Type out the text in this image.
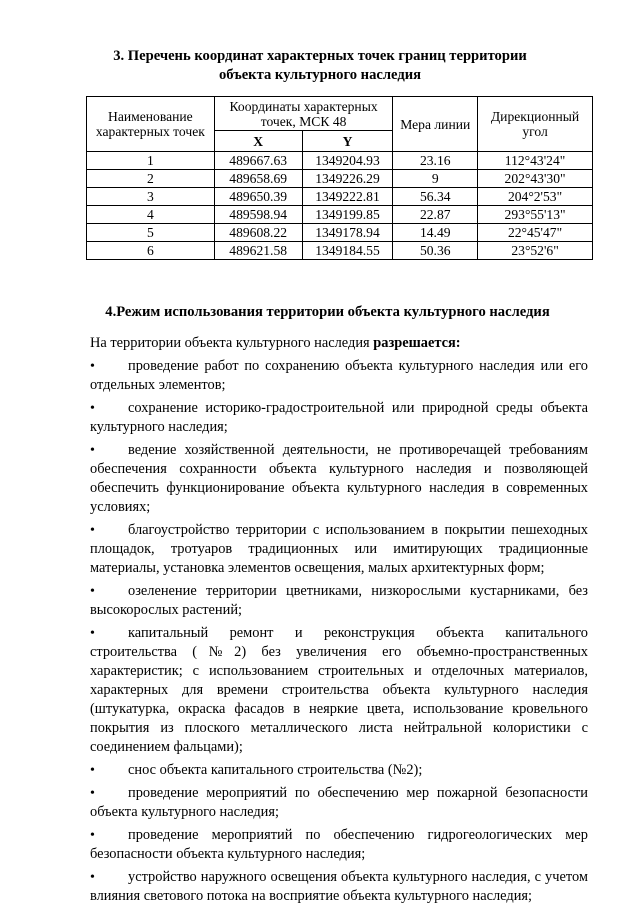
3. Перечень координат характерных точек границ территории
объекта культурного наследия
Наименование характерных точек	Координаты характерных точек, МСК 48		Мера линии	Дирекционный угол
	X	Y		
1	489667.63	1349204.93	23.16	112°43'24"
2	489658.69	1349226.29	9	202°43'30"
3	489650.39	1349222.81	56.34	204°2'53"
4	489598.94	1349199.85	22.87	293°55'13"
5	489608.22	1349178.94	14.49	22°45'47"
6	489621.58	1349184.55	50.36	23°52'6"
4.Режим использования территории объекта культурного наследия

На территории объекта культурного наследия разрешается:

• проведение работ по сохранению объекта культурного наследия или его отдельных элементов;

• сохранение историко-градостроительной или природной среды объекта культурного наследия;

• ведение хозяйственной деятельности, не противоречащей требованиям обеспечения сохранности объекта культурного наследия и позволяющей обеспечить функционирование объекта культурного наследия в современных условиях;

• благоустройство территории с использованием в покрытии пешеходных площадок, тротуаров традиционных или имитирующих традиционные материалы, установка элементов освещения, малых архитектурных форм;

• озеленение территории цветниками, низкорослыми кустарниками, без высокорослых растений;

• капитальный ремонт и реконструкция объекта капитального строительства (№2) без увеличения его объемно-пространственных характеристик; с использованием строительных и отделочных материалов, характерных для времени строительства объекта культурного наследия (штукатурка, окраска фасадов в неяркие цвета, использование кровельного покрытия из плоского металлического листа нейтральной колористики с соединением фальцами);

• снос объекта капитального строительства (№2);

• проведение мероприятий по обеспечению мер пожарной безопасности объекта культурного наследия;

• проведение мероприятий по обеспечению гидрогеологических мер безопасности объекта культурного наследия;

• устройство наружного освещения объекта культурного наследия, с учетом влияния светового потока на восприятие объекта культурного наследия;
